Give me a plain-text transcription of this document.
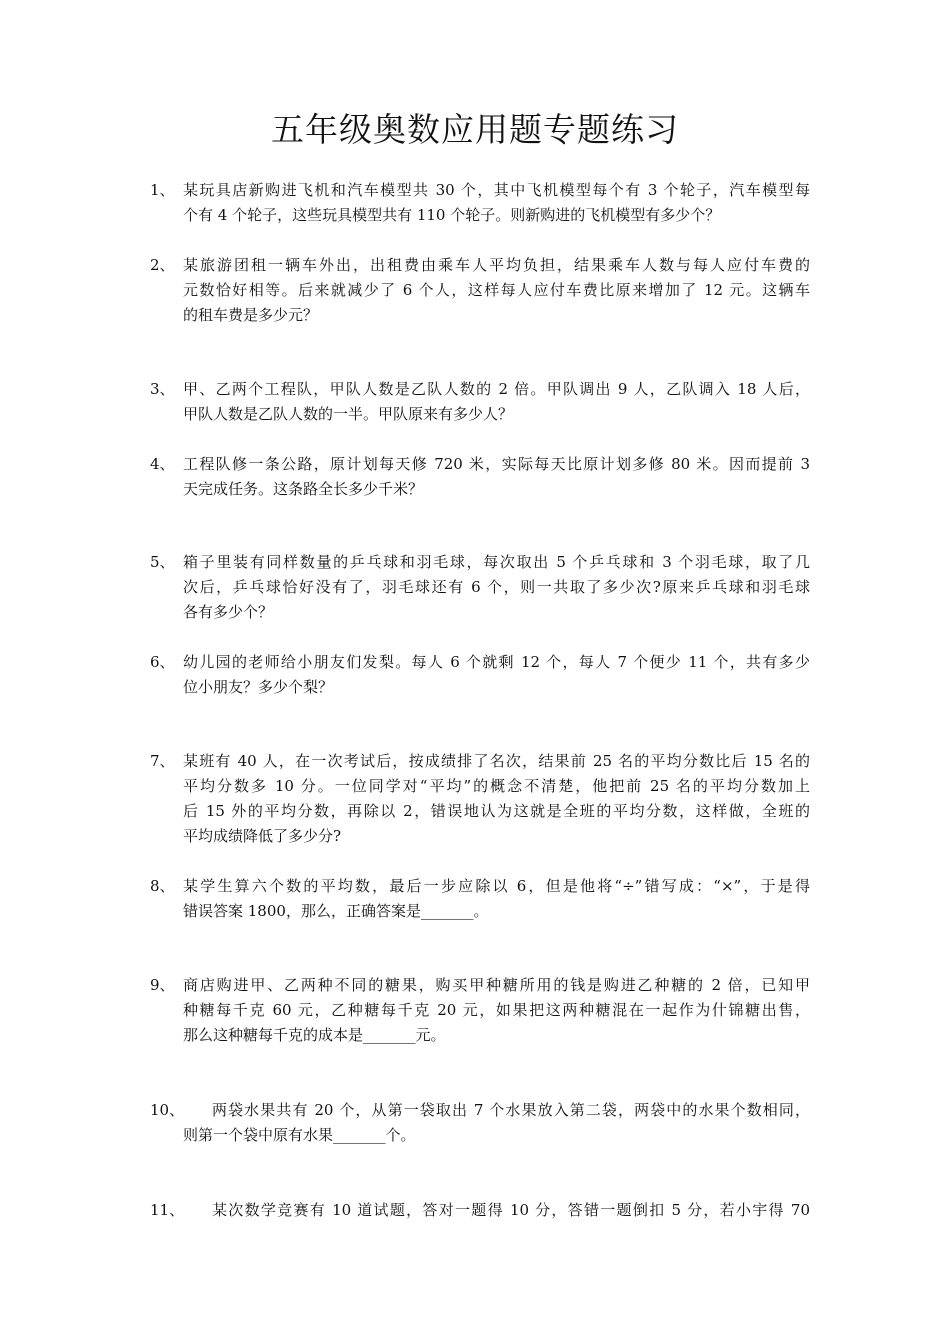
五年级奥数应用题专题练习
1、 某玩具店新购进飞机和汽车模型共 30 个，其中飞机模型每个有 3 个轮子，汽车模型每
个有 4 个轮子，这些玩具模型共有 110 个轮子。则新购进的飞机模型有多少个？
2、 某旅游团租一辆车外出，出租费由乘车人平均负担，结果乘车人数与每人应付车费的
元数恰好相等。后来就减少了 6 个人，这样每人应付车费比原来增加了 12 元。这辆车
的租车费是多少元？
3、 甲、乙两个工程队，甲队人数是乙队人数的 2 倍。甲队调出 9 人，乙队调入 18 人后，
甲队人数是乙队人数的一半。甲队原来有多少人？
4、 工程队修一条公路，原计划每天修 720 米，实际每天比原计划多修 80 米。因而提前 3
天完成任务。这条路全长多少千米？
5、 箱子里装有同样数量的乒乓球和羽毛球，每次取出 5 个乒乓球和 3 个羽毛球，取了几
次后，乒乓球恰好没有了，羽毛球还有 6 个，则一共取了多少次?原来乒乓球和羽毛球
各有多少个？
6、 幼儿园的老师给小朋友们发梨。每人 6 个就剩 12 个，每人 7 个便少 11 个，共有多少
位小朋友？多少个梨？
7、 某班有 40 人，在一次考试后，按成绩排了名次，结果前 25 名的平均分数比后 15 名的
平均分数多 10 分。一位同学对“平均”的概念不清楚，他把前 25 名的平均分数加上
后 15 外的平均分数，再除以 2，错误地认为这就是全班的平均分数，这样做，全班的
平均成绩降低了多少分?
8、 某学生算六个数的平均数，最后一步应除以 6，但是他将“÷”错写成：“×”，于是得
错误答案 1800，那么，正确答案是_______。
9、 商店购进甲、乙两种不同的糖果，购买甲种糖所用的钱是购进乙种糖的 2 倍，已知甲
种糖每千克 60 元，乙种糖每千克 20 元，如果把这两种糖混在一起作为什锦糖出售，
那么这种糖每千克的成本是_______元。
10、	两袋水果共有 20 个，从第一袋取出 7 个水果放入第二袋，两袋中的水果个数相同，
则第一个袋中原有水果_______个。
11、	某次数学竞赛有 10 道试题，答对一题得 10 分，答错一题倒扣 5 分，若小宇得 70
